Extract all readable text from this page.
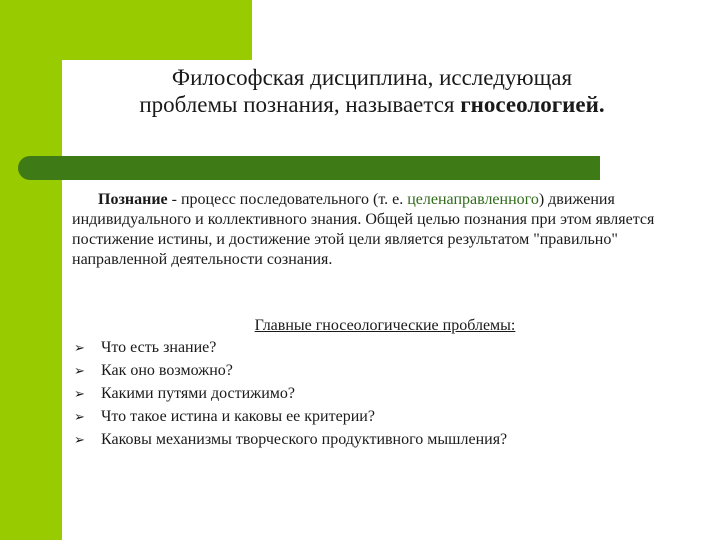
Философская дисциплина, исследующая
проблемы познания, называется гносеологией.
Познание - процесс последовательного (т. е. целенаправленного) движения индивидуального и коллективного знания. Общей целью познания при этом является постижение истины, и достижение этой цели является результатом "правильно" направленной деятельности сознания.
Главные гносеологические проблемы:
➢ Что есть знание?
➢ Как оно возможно?
➢ Какими путями достижимо?
➢ Что такое истина и каковы ее критерии?
➢ Каковы механизмы творческого продуктивного мышления?
